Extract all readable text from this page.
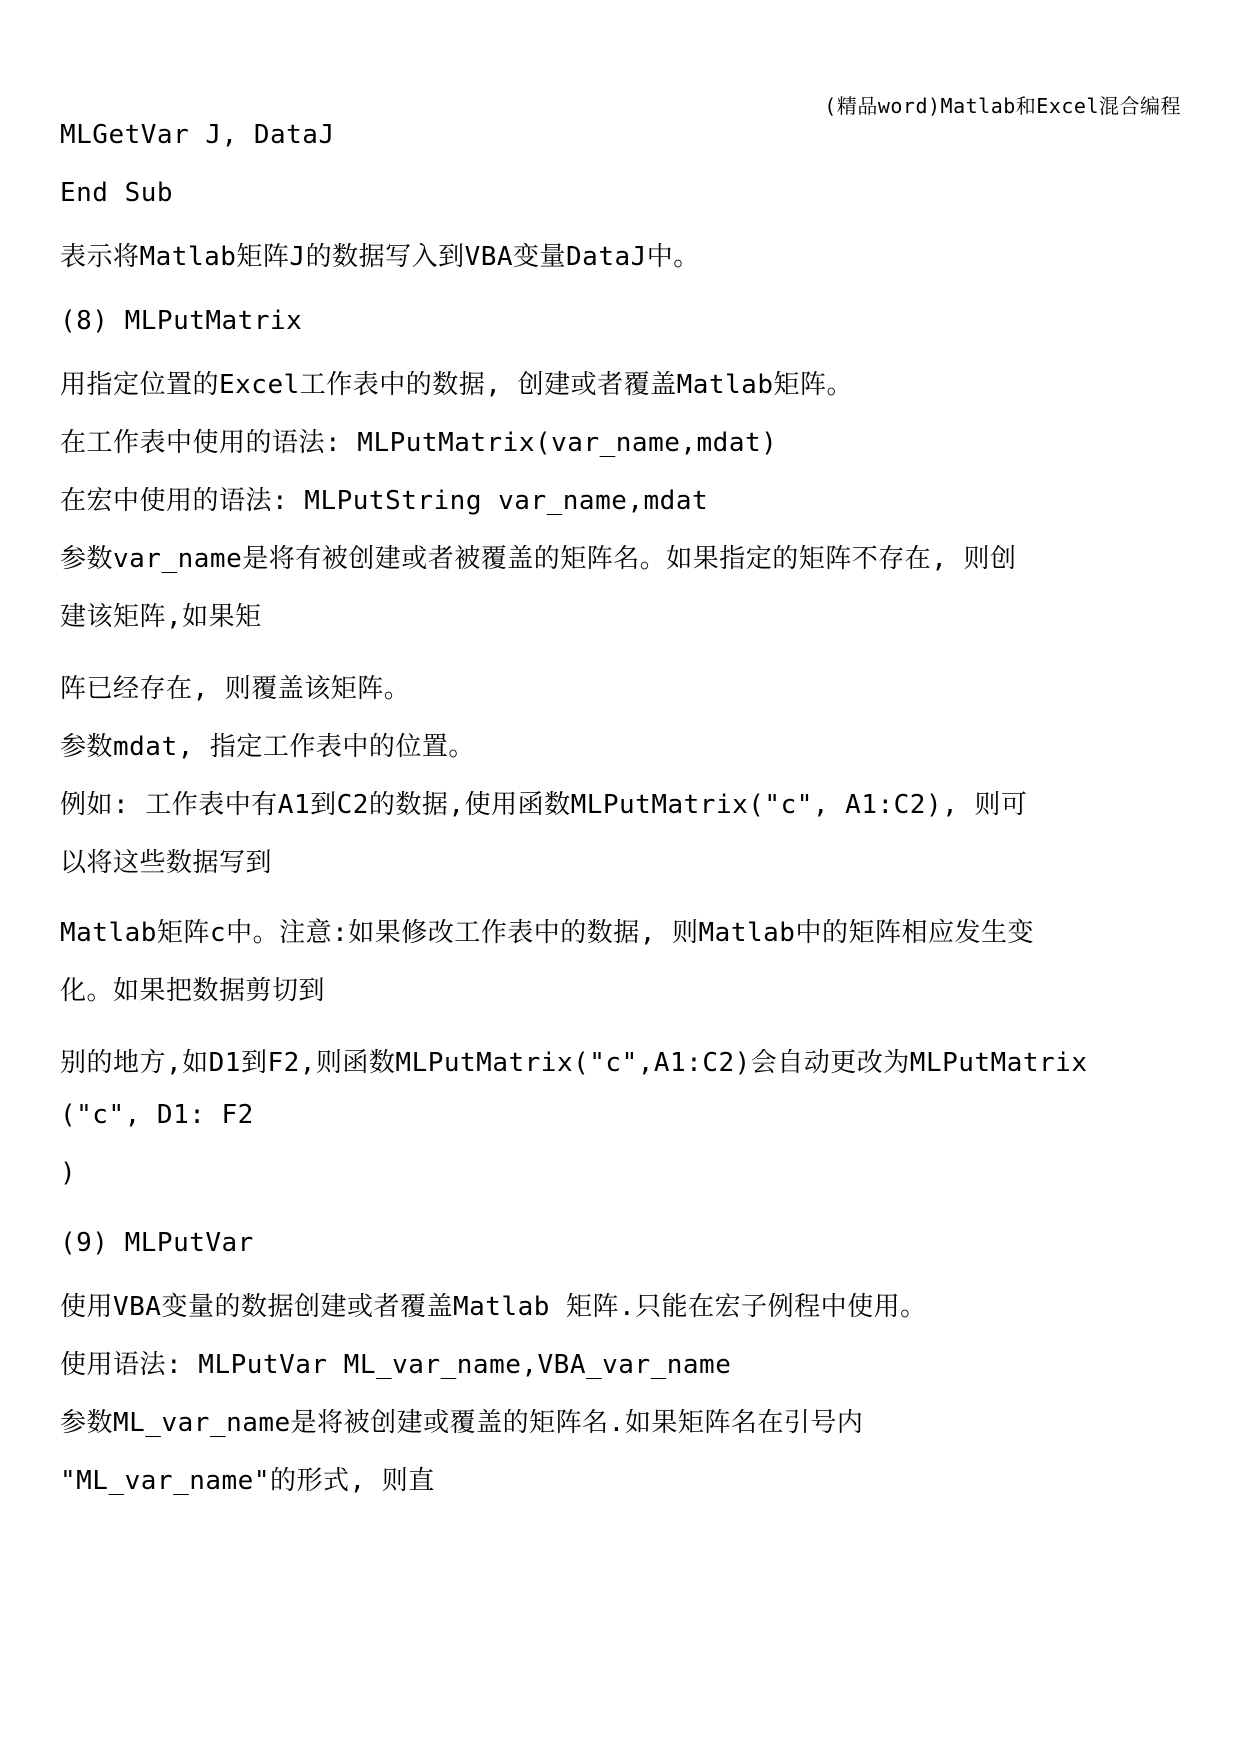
(精品word)Matlab和Excel混合编程
MLGetVar J, DataJ
End Sub
表示将Matlab矩阵J的数据写入到VBA变量DataJ中。
(8) MLPutMatrix
用指定位置的Excel工作表中的数据, 创建或者覆盖Matlab矩阵。
在工作表中使用的语法: MLPutMatrix(var_name,mdat)
在宏中使用的语法: MLPutString var_name,mdat
参数var_name是将有被创建或者被覆盖的矩阵名。如果指定的矩阵不存在, 则创
建该矩阵,如果矩
阵已经存在, 则覆盖该矩阵。
参数mdat, 指定工作表中的位置。
例如: 工作表中有A1到C2的数据,使用函数MLPutMatrix("c", A1:C2), 则可
以将这些数据写到
Matlab矩阵c中。注意:如果修改工作表中的数据, 则Matlab中的矩阵相应发生变
化。如果把数据剪切到
别的地方,如D1到F2,则函数MLPutMatrix("c",A1:C2)会自动更改为MLPutMatrix
("c", D1: F2
)
(9) MLPutVar
使用VBA变量的数据创建或者覆盖Matlab 矩阵.只能在宏子例程中使用。
使用语法: MLPutVar ML_var_name,VBA_var_name
参数ML_var_name是将被创建或覆盖的矩阵名.如果矩阵名在引号内
"ML_var_name"的形式, 则直
